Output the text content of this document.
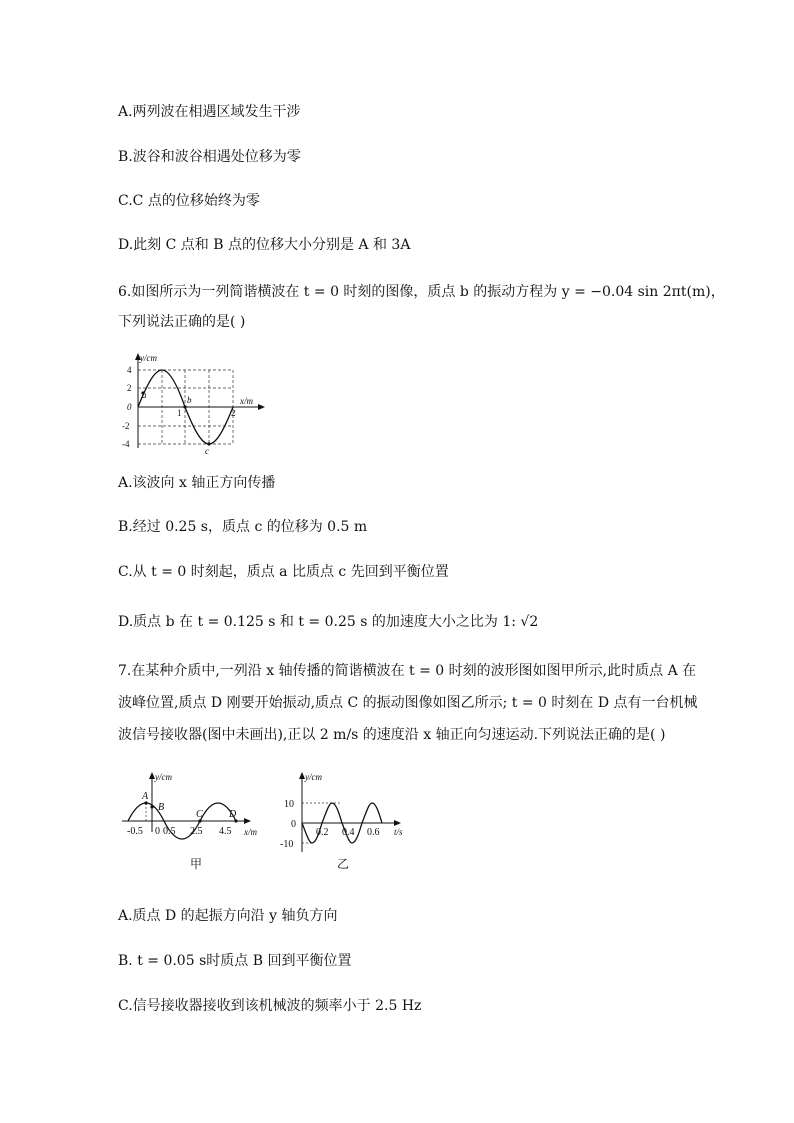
A.两列波在相遇区域发生干涉
B.波谷和波谷相遇处位移为零
C.C 点的位移始终为零
D.此刻 C 点和 B 点的位移大小分别是 A 和 3A
6.如图所示为一列简谐横波在 t = 0 时刻的图像，质点 b 的振动方程为 y = −0.04 sin 2πt(m)，
下列说法正确的是( )
y/cm
x/m
4
2
0
-2
-4
1	2
a	b
c
A.该波向 x 轴正方向传播
B.经过 0.25 s，质点 c 的位移为 0.5 m
C.从 t = 0 时刻起，质点 a 比质点 c 先回到平衡位置
D.质点 b 在 t = 0.125 s 和 t = 0.25 s 的加速度大小之比为 1: √2
7.在某种介质中,一列沿 x 轴传播的简谐横波在 t = 0 时刻的波形图如图甲所示,此时质点 A 在
波峰位置,质点 D 刚要开始振动,质点 C 的振动图像如图乙所示; t = 0 时刻在 D 点有一台机械
波信号接收器(图中未画出),正以 2 m/s 的速度沿 x 轴正向匀速运动.下列说法正确的是( )
y/cm
x/m
A
B
C	D
-0.5 0 0.5 2.5 4.5
甲
y/cm
t/s
10
0
-10
0.2 0.4 0.6
乙
A.质点 D 的起振方向沿 y 轴负方向
B. t = 0.05 s时质点 B 回到平衡位置
C.信号接收器接收到该机械波的频率小于 2.5 Hz
